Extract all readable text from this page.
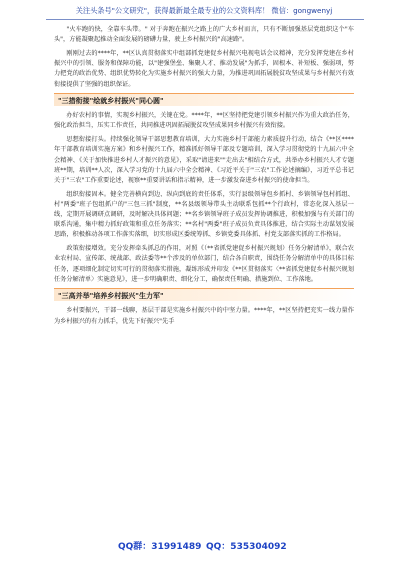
关注头条号"公文研究"，获得最新最全最专业的公文资料库！ 微信：gongwenyj

"火车跑的快，全靠车头带。" 对于奔跑在振兴之路上的广大乡村而言，只有不断加强基层党组织这个"车头"，方能凝聚起推动全面发展的磅礴力量，驶上乡村振兴的"高速路"。

刚刚过去的****年，**区认真贯彻落实中组部抓党建促乡村振兴电视电话会议精神，充分发挥党建在乡村振兴中的引领、服务和保障功能，以"建强堡垒、集聚人才、推动发展"为抓手，固根本、补短板、强弱项，努力把党的政治优势、组织优势转化为实施乡村振兴的强大力量，为推进巩固拓展脱贫攻坚成果与乡村振兴有效衔接提供了坚强的组织保证。

"三措衔接"绘就乡村振兴"同心圆"

办好农村的事情，实现乡村振兴，关键在党。****年，**区坚持把党建引领乡村振兴作为重大政治任务，强化政治担当，压实工作责任，共同推进巩固拓展脱贫攻坚成果同乡村振兴有效衔接。

思想衔接打头。持续强化领导干部思想教育培训，大力实施乡村干部能力素质提升行动，结合《**区****年干部教育培训实施方案》和乡村振兴工作，精准抓好领导干部及专题培训，深入学习贯彻党的十九届六中全会精神、《关于加快推进乡村人才振兴的意见》，采取"请进来""走出去"相结合方式，共举办乡村振兴人才专题班**期，培训**人次，深入学习党的十九届六中全会精神、《习近平关于"三农"工作论述摘编》，习近平总书记关于"三农"工作重要论述，视察**重要讲话和指示精神，进一步激发奋进乡村振兴的使命担当。

组织衔接固本。健全完善横向到边、纵向到底的责任体系，实行县级领导包乡抓村、乡镇领导包村抓组、村"两委"班子包组抓户的"三包三抓"制度，**名县级领导带头主动联系包抓**个行政村，常态化深入基层一线，定期开展调研点调研，及时解决具体问题；**名乡镇领导班子成员发挥协调推进，积极加强与有关部门的联系沟通，集中精力抓好政策和重点任务落实；**名村"两委"班子成员负责具体推进，结合实际主动谋划发展思路，积极推动各项工作落实落细，切实形成区委统筹抓、乡镇党委具体抓、村党支部落实抓的工作格局。

政策衔接增效。充分发挥牵头抓总的作用，对照《（**省抓党建促乡村振兴规划）任务分解清单》，联合农业农村局、宣传部、统战部、政法委等**个涉及的单位部门，结合各自职责，围绕任务分解清单中的具体目标任务，逐项细化制定切实可行的贯彻落实措施，凝练形成并印发《**区贯彻落实〈**省抓党建促乡村振兴规划任务分解清单〉实施意见》，进一步明确职责、细化分工，确保责任明确、措施到位、工作落地。

"三高并举"培养乡村振兴"生力军"

乡村要振兴，干部一线聊，基层干部是实施乡村振兴中的中坚力量。****年，**区坚持把充实一线力量作为乡村振兴的有力抓手，优先下好振兴"先手

QQ群：31991489 QQ：535304092
